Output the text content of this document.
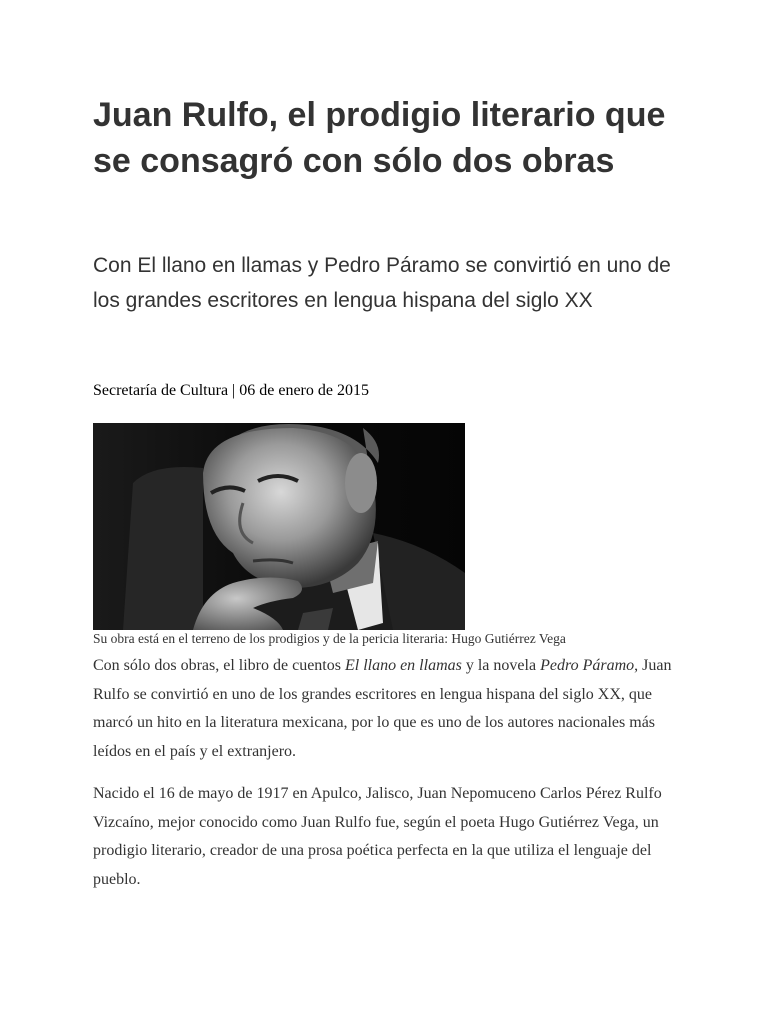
Juan Rulfo, el prodigio literario que se consagró con sólo dos obras

Con El llano en llamas y Pedro Páramo se convirtió en uno de los grandes escritores en lengua hispana del siglo XX

Secretaría de Cultura | 06 de enero de 2015

Su obra está en el terreno de los prodigios y de la pericia literaria: Hugo Gutiérrez Vega

Con sólo dos obras, el libro de cuentos El llano en llamas y la novela Pedro Páramo, Juan Rulfo se convirtió en uno de los grandes escritores en lengua hispana del siglo XX, que marcó un hito en la literatura mexicana, por lo que es uno de los autores nacionales más leídos en el país y el extranjero.

Nacido el 16 de mayo de 1917 en Apulco, Jalisco, Juan Nepomuceno Carlos Pérez Rulfo Vizcaíno, mejor conocido como Juan Rulfo fue, según el poeta Hugo Gutiérrez Vega, un prodigio literario, creador de una prosa poética perfecta en la que utiliza el lenguaje del pueblo.
